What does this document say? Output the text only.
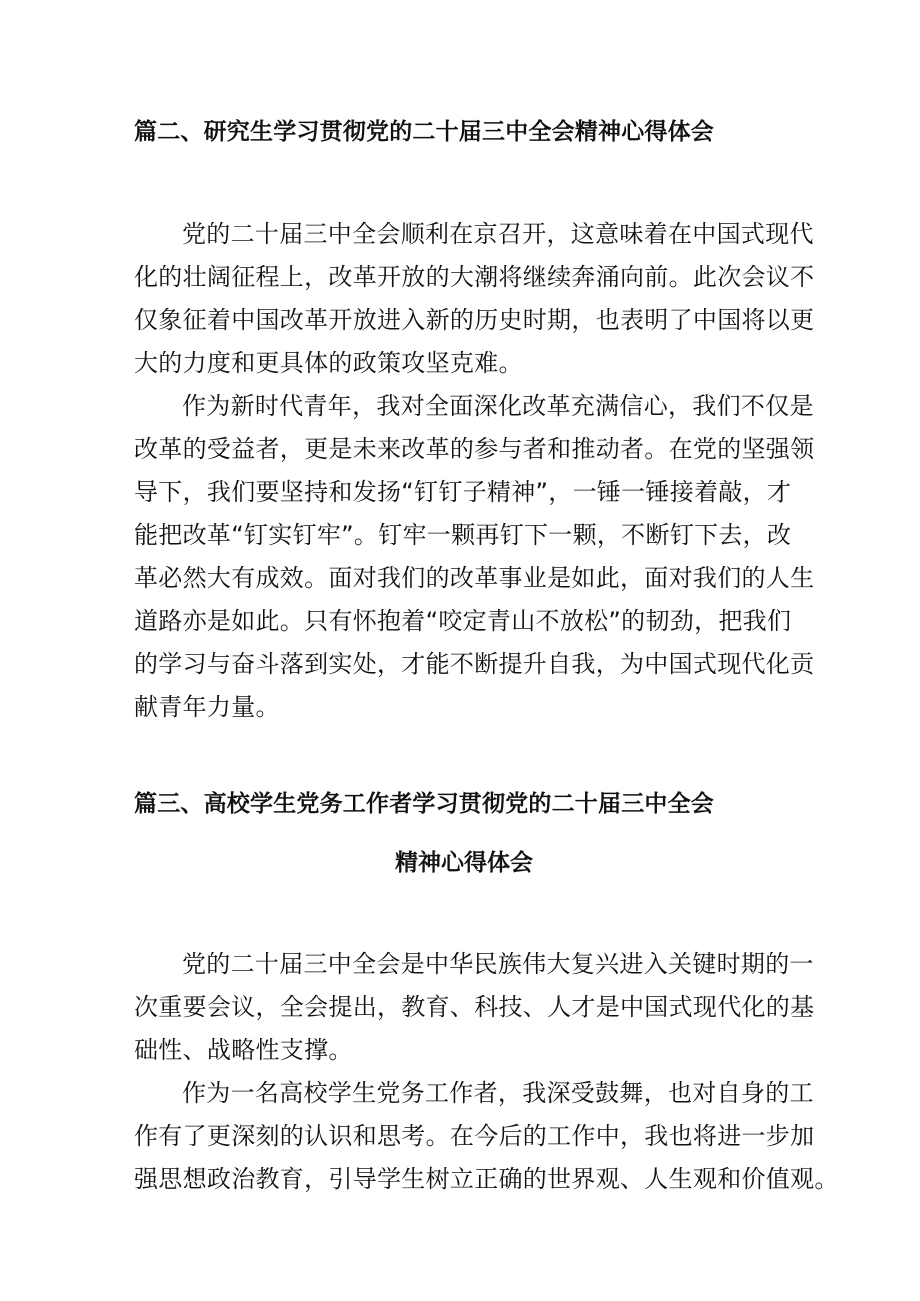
篇二、研究生学习贯彻党的二十届三中全会精神心得体会
党的二十届三中全会顺利在京召开，这意味着在中国式现代
化的壮阔征程上，改革开放的大潮将继续奔涌向前。此次会议不
仅象征着中国改革开放进入新的历史时期，也表明了中国将以更
大的力度和更具体的政策攻坚克难。
作为新时代青年，我对全面深化改革充满信心，我们不仅是
改革的受益者，更是未来改革的参与者和推动者。在党的坚强领
导下，我们要坚持和发扬“钉钉子精神”，一锤一锤接着敲，才
能把改革“钉实钉牢”。钉牢一颗再钉下一颗，不断钉下去，改
革必然大有成效。面对我们的改革事业是如此，面对我们的人生
道路亦是如此。只有怀抱着“咬定青山不放松”的韧劲，把我们
的学习与奋斗落到实处，才能不断提升自我，为中国式现代化贡
献青年力量。
篇三、高校学生党务工作者学习贯彻党的二十届三中全会
精神心得体会
党的二十届三中全会是中华民族伟大复兴进入关键时期的一
次重要会议，全会提出，教育、科技、人才是中国式现代化的基
础性、战略性支撑。
作为一名高校学生党务工作者，我深受鼓舞，也对自身的工
作有了更深刻的认识和思考。在今后的工作中，我也将进一步加
强思想政治教育，引导学生树立正确的世界观、人生观和价值观。
